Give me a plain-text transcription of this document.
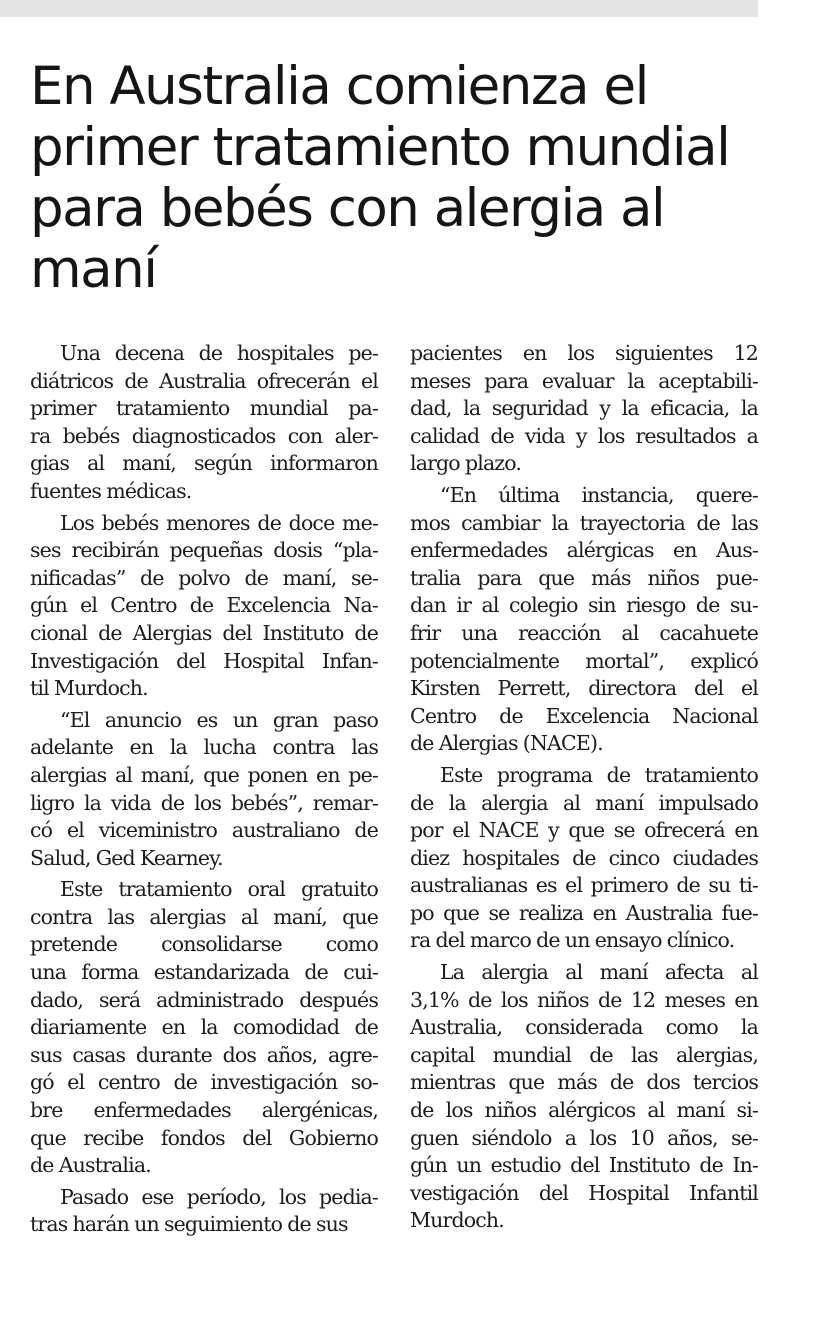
En Australia comienza el primer tratamiento mundial para bebés con alergia al maní
Una decena de hospitales pe-
diátricos de Australia ofrecerán el
primer tratamiento mundial pa-
ra bebés diagnosticados con aler-
gias al maní, según informaron
fuentes médicas.
Los bebés menores de doce me-
ses recibirán pequeñas dosis “pla-
nificadas” de polvo de maní, se-
gún el Centro de Excelencia Na-
cional de Alergias del Instituto de
Investigación del Hospital Infan-
til Murdoch.
“El anuncio es un gran paso
adelante en la lucha contra las
alergias al maní, que ponen en pe-
ligro la vida de los bebés”, remar-
có el viceministro australiano de
Salud, Ged Kearney.
Este tratamiento oral gratuito
contra las alergias al maní, que
pretende consolidarse como
una forma estandarizada de cui-
dado, será administrado después
diariamente en la comodidad de
sus casas durante dos años, agre-
gó el centro de investigación so-
bre enfermedades alergénicas,
que recibe fondos del Gobierno
de Australia.
Pasado ese período, los pedia-
tras harán un seguimiento de sus
pacientes en los siguientes 12
meses para evaluar la aceptabili-
dad, la seguridad y la eficacia, la
calidad de vida y los resultados a
largo plazo.
“En última instancia, quere-
mos cambiar la trayectoria de las
enfermedades alérgicas en Aus-
tralia para que más niños pue-
dan ir al colegio sin riesgo de su-
frir una reacción al cacahuete
potencialmente mortal”, explicó
Kirsten Perrett, directora del el
Centro de Excelencia Nacional
de Alergias (NACE).
Este programa de tratamiento
de la alergia al maní impulsado
por el NACE y que se ofrecerá en
diez hospitales de cinco ciudades
australianas es el primero de su ti-
po que se realiza en Australia fue-
ra del marco de un ensayo clínico.
La alergia al maní afecta al
3,1% de los niños de 12 meses en
Australia, considerada como la
capital mundial de las alergias,
mientras que más de dos tercios
de los niños alérgicos al maní si-
guen siéndolo a los 10 años, se-
gún un estudio del Instituto de In-
vestigación del Hospital Infantil
Murdoch.
